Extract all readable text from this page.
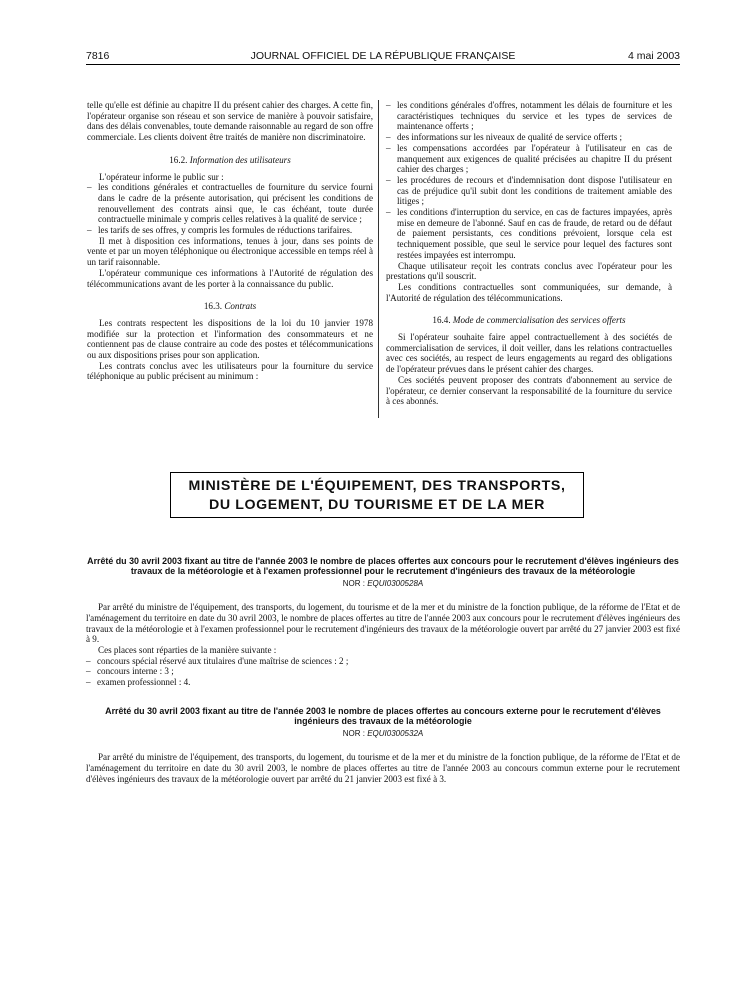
7816	JOURNAL OFFICIEL DE LA RÉPUBLIQUE FRANÇAISE	4 mai 2003

telle qu'elle est définie au chapitre II du présent cahier des charges. A cette fin, l'opérateur organise son réseau et son service de manière à pouvoir satisfaire, dans des délais convenables, toute demande raisonnable au regard de son offre commerciale. Les clients doivent être traités de manière non discriminatoire.

16.2. Information des utilisateurs

L'opérateur informe le public sur :

– les conditions générales et contractuelles de fourniture du service fourni dans le cadre de la présente autorisation, qui précisent les conditions de renouvellement des contrats ainsi que, le cas échéant, toute durée contractuelle minimale y compris celles relatives à la qualité de service ;
– les tarifs de ses offres, y compris les formules de réductions tarifaires.

Il met à disposition ces informations, tenues à jour, dans ses points de vente et par un moyen téléphonique ou électronique accessible en temps réel à un tarif raisonnable.

L'opérateur communique ces informations à l'Autorité de régulation des télécommunications avant de les porter à la connaissance du public.

16.3. Contrats

Les contrats respectent les dispositions de la loi du 10 janvier 1978 modifiée sur la protection et l'information des consommateurs et ne contiennent pas de clause contraire au code des postes et télécommunications ou aux dispositions prises pour son application.

Les contrats conclus avec les utilisateurs pour la fourniture du service téléphonique au public précisent au minimum :

– les conditions générales d'offres, notamment les délais de fourniture et les caractéristiques techniques du service et les types de services de maintenance offerts ;
– des informations sur les niveaux de qualité de service offerts ;
– les compensations accordées par l'opérateur à l'utilisateur en cas de manquement aux exigences de qualité précisées au chapitre II du présent cahier des charges ;
– les procédures de recours et d'indemnisation dont dispose l'utilisateur en cas de préjudice qu'il subit dont les conditions de traitement amiable des litiges ;
– les conditions d'interruption du service, en cas de factures impayées, après mise en demeure de l'abonné. Sauf en cas de fraude, de retard ou de défaut de paiement persistants, ces conditions prévoient, lorsque cela est techniquement possible, que seul le service pour lequel des factures sont restées impayées est interrompu.

Chaque utilisateur reçoit les contrats conclus avec l'opérateur pour les prestations qu'il souscrit.

Les conditions contractuelles sont communiquées, sur demande, à l'Autorité de régulation des télécommunications.

16.4. Mode de commercialisation des services offerts

Si l'opérateur souhaite faire appel contractuellement à des sociétés de commercialisation de services, il doit veiller, dans les relations contractuelles avec ces sociétés, au respect de leurs engagements au regard des obligations de l'opérateur prévues dans le présent cahier des charges.

Ces sociétés peuvent proposer des contrats d'abonnement au service de l'opérateur, ce dernier conservant la responsabilité de la fourniture du service à ces abonnés.

MINISTÈRE DE L'ÉQUIPEMENT, DES TRANSPORTS,
DU LOGEMENT, DU TOURISME ET DE LA MER
Arrêté du 30 avril 2003 fixant au titre de l'année 2003 le nombre de places offertes aux concours pour le recrutement d'élèves ingénieurs des travaux de la météorologie et à l'examen professionnel pour le recrutement d'ingénieurs des travaux de la météorologie
NOR : EQUI0300528A

Par arrêté du ministre de l'équipement, des transports, du logement, du tourisme et de la mer et du ministre de la fonction publique, de la réforme de l'Etat et de l'aménagement du territoire en date du 30 avril 2003, le nombre de places offertes au titre de l'année 2003 aux concours pour le recrutement d'élèves ingénieurs des travaux de la météorologie et à l'examen professionnel pour le recrutement d'ingénieurs des travaux de la météorologie ouvert par arrêté du 27 janvier 2003 est fixé à 9.

Ces places sont réparties de la manière suivante :

– concours spécial réservé aux titulaires d'une maîtrise de sciences : 2 ;
– concours interne : 3 ;
– examen professionnel : 4.
Arrêté du 30 avril 2003 fixant au titre de l'année 2003 le nombre de places offertes au concours externe pour le recrutement d'élèves ingénieurs des travaux de la météorologie
NOR : EQUI0300532A

Par arrêté du ministre de l'équipement, des transports, du logement, du tourisme et de la mer et du ministre de la fonction publique, de la réforme de l'Etat et de l'aménagement du territoire en date du 30 avril 2003, le nombre de places offertes au titre de l'année 2003 au concours commun externe pour le recrutement d'élèves ingénieurs des travaux de la météorologie ouvert par arrêté du 21 janvier 2003 est fixé à 3.
